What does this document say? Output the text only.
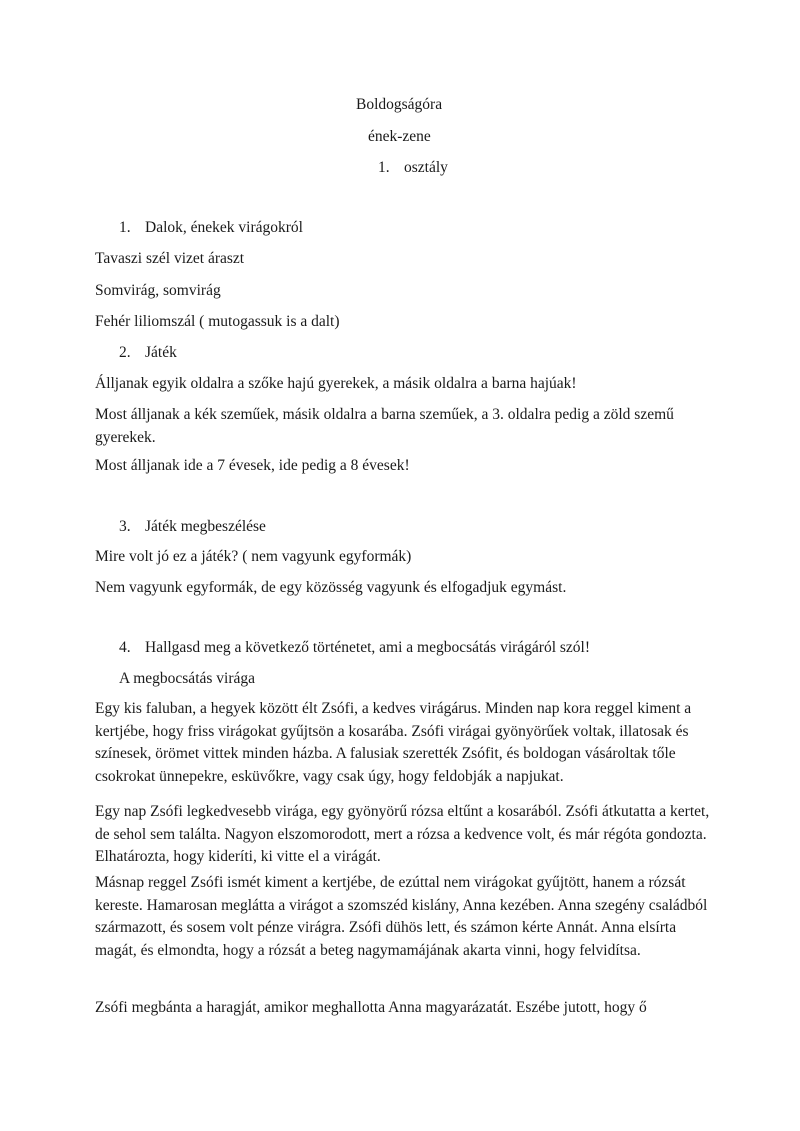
Boldogságóra
ének-zene
1. osztály
1. Dalok, énekek virágokról
Tavaszi szél vizet áraszt
Somvirág, somvirág
Fehér liliomszál ( mutogassuk is a dalt)
2. Játék
Álljanak egyik oldalra a szőke hajú gyerekek, a másik oldalra a barna hajúak!
Most álljanak a kék szeműek, másik oldalra a barna szeműek, a 3. oldalra pedig a zöld szemű gyerekek.
Most álljanak ide a 7 évesek, ide pedig a 8 évesek!
3. Játék megbeszélése
Mire volt jó ez a játék? ( nem vagyunk egyformák)
Nem vagyunk egyformák, de egy közösség vagyunk és elfogadjuk egymást.
4. Hallgasd meg a következő történetet, ami a megbocsátás virágáról szól!
A megbocsátás virága
Egy kis faluban, a hegyek között élt Zsófi, a kedves virágárus. Minden nap kora reggel kiment a kertjébe, hogy friss virágokat gyűjtsön a kosarába. Zsófi virágai gyönyörűek voltak, illatosak és színesek, örömet vittek minden házba. A falusiak szerették Zsófit, és boldogan vásároltak tőle csokrokat ünnepekre, esküvőkre, vagy csak úgy, hogy feldobják a napjukat.
Egy nap Zsófi legkedvesebb virága, egy gyönyörű rózsa eltűnt a kosarából. Zsófi átkutatta a kertet, de sehol sem találta. Nagyon elszomorodott, mert a rózsa a kedvence volt, és már régóta gondozta. Elhatározta, hogy kideríti, ki vitte el a virágát.
Másnap reggel Zsófi ismét kiment a kertjébe, de ezúttal nem virágokat gyűjtött, hanem a rózsát kereste. Hamarosan meglátta a virágot a szomszéd kislány, Anna kezében. Anna szegény családból származott, és sosem volt pénze virágra. Zsófi dühös lett, és számon kérte Annát. Anna elsírta magát, és elmondta, hogy a rózsát a beteg nagymamájának akarta vinni, hogy felvidítsa.
Zsófi megbánta a haragját, amikor meghallotta Anna magyarázatát. Eszébe jutott, hogy ő
